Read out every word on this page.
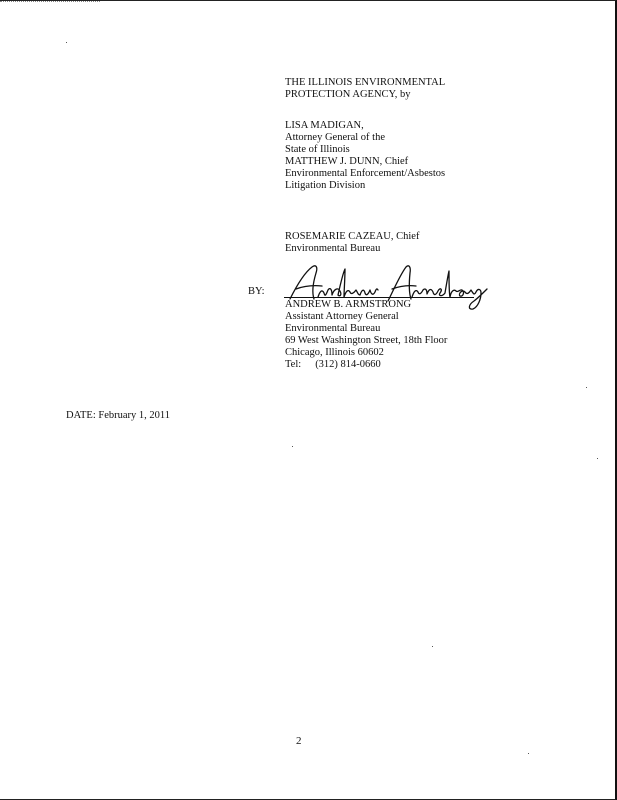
THE ILLINOIS ENVIRONMENTAL
PROTECTION AGENCY, by
LISA MADIGAN,
Attorney General of the
State of Illinois
MATTHEW J. DUNN, Chief
Environmental Enforcement/Asbestos
Litigation Division
ROSEMARIE CAZEAU, Chief
Environmental Bureau
BY:
ANDREW B. ARMSTRONG
Assistant Attorney General
Environmental Bureau
69 West Washington Street, 18th Floor
Chicago, Illinois 60602
Tel: (312) 814-0660
DATE: February 1, 2011
2
